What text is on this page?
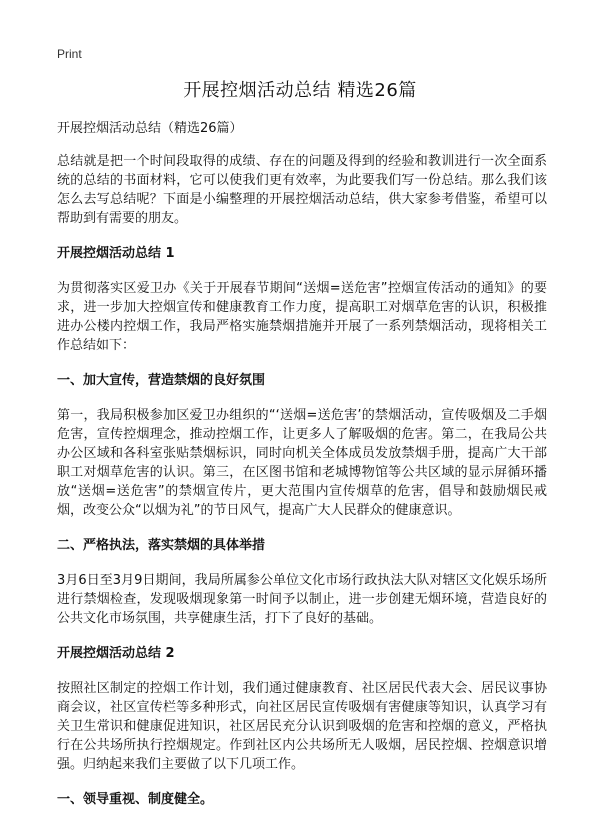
Print
开展控烟活动总结 精选26篇
开展控烟活动总结（精选26篇）

总结就是把一个时间段取得的成绩、存在的问题及得到的经验和教训进行一次全面系统的总结的书面材料，它可以使我们更有效率，为此要我们写一份总结。那么我们该怎么去写总结呢？下面是小编整理的开展控烟活动总结，供大家参考借鉴，希望可以帮助到有需要的朋友。

开展控烟活动总结 1

为贯彻落实区爱卫办《关于开展春节期间“送烟=送危害”控烟宣传活动的通知》的要求，进一步加大控烟宣传和健康教育工作力度，提高职工对烟草危害的认识，积极推进办公楼内控烟工作，我局严格实施禁烟措施并开展了一系列禁烟活动，现将相关工作总结如下：

一、加大宣传，营造禁烟的良好氛围

第一，我局积极参加区爱卫办组织的“‘送烟=送危害’的禁烟活动，宣传吸烟及二手烟危害，宣传控烟理念，推动控烟工作，让更多人了解吸烟的危害。第二，在我局公共办公区域和各科室张贴禁烟标识，同时向机关全体成员发放禁烟手册，提高广大干部职工对烟草危害的认识。第三，在区图书馆和老城博物馆等公共区域的显示屏循环播放“送烟=送危害”的禁烟宣传片，更大范围内宣传烟草的危害，倡导和鼓励烟民戒烟，改变公众“以烟为礼”的节日风气，提高广大人民群众的健康意识。

二、严格执法，落实禁烟的具体举措

3月6日至3月9日期间，我局所属参公单位文化市场行政执法大队对辖区文化娱乐场所进行禁烟检查，发现吸烟现象第一时间予以制止，进一步创建无烟环境，营造良好的公共文化市场氛围，共享健康生活，打下了良好的基础。

开展控烟活动总结 2

按照社区制定的控烟工作计划，我们通过健康教育、社区居民代表大会、居民议事协商会议，社区宣传栏等多种形式，向社区居民宣传吸烟有害健康等知识，认真学习有关卫生常识和健康促进知识，社区居民充分认识到吸烟的危害和控烟的意义，严格执行在公共场所执行控烟规定。作到社区内公共场所无人吸烟，居民控烟、控烟意识增强。归纳起来我们主要做了以下几项工作。

一、领导重视、制度健全。
